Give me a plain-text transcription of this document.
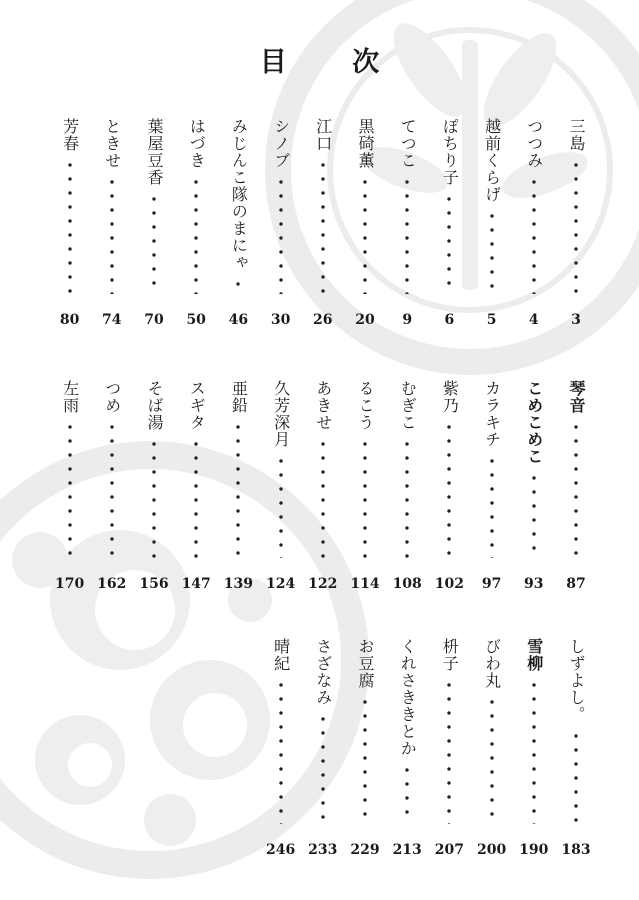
目 次
三島
3
つつみ
4
越前くらげ
5
ぽちり子
6
てつこ
9
黒碕薫
20
江口
26
シノブ
30
みじんこ隊のまにゃ
46
はづき
50
葉屋豆香
70
ときせ
74
芳春
80
琴音
87
こめこめこ
93
カラキチ
97
紫乃
102
むぎこ
108
るこう
114
あきせ
122
久芳深月
124
亜鉛
139
スギタ
147
そば湯
156
つめ
162
左雨
170
しずよし。
183
雪柳
190
びわ丸
200
枡子
207
くれさききとか
213
お豆腐
229
さざなみ
233
晴紀
246
